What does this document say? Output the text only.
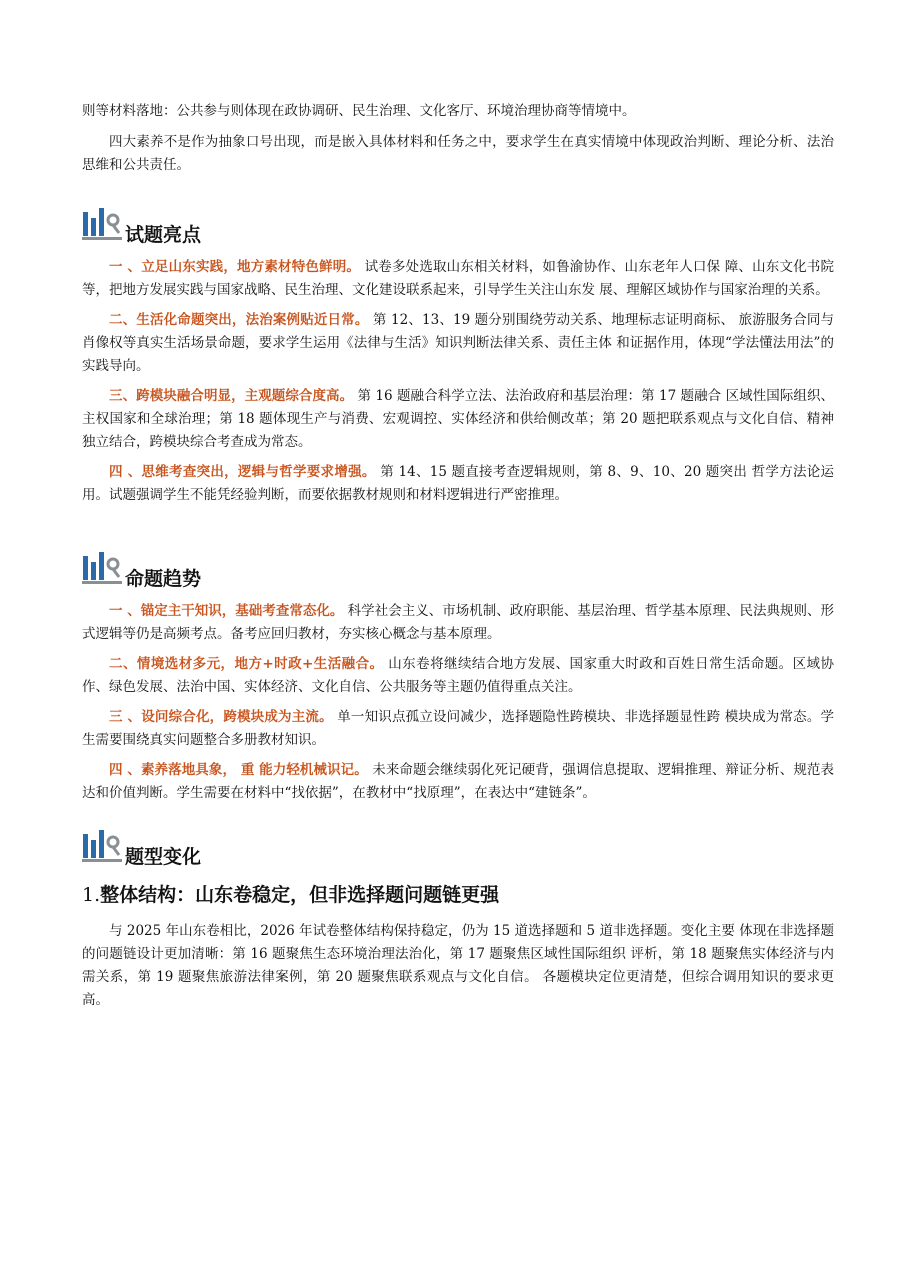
则等材料落地：公共参与则体现在政协调研、民生治理、文化客厅、环境治理协商等情境中。

四大素养不是作为抽象口号出现，而是嵌入具体材料和任务之中，要求学生在真实情境中体现政治判断、理论分析、法治思维和公共责任。

试题亮点

一 、立足山东实践，地方素材特色鲜明。 试卷多处选取山东相关材料，如鲁渝协作、山东老年人口保 障、山东文化书院等，把地方发展实践与国家战略、民生治理、文化建设联系起来，引导学生关注山东发 展、理解区域协作与国家治理的关系。

二、生活化命题突出，法治案例贴近日常。 第 12、13、19 题分别围绕劳动关系、地理标志证明商标、 旅游服务合同与肖像权等真实生活场景命题，要求学生运用《法律与生活》知识判断法律关系、责任主体 和证据作用，体现“学法懂法用法”的实践导向。

三、跨模块融合明显，主观题综合度高。 第 16 题融合科学立法、法治政府和基层治理：第 17 题融合 区域性国际组织、主权国家和全球治理；第 18 题体现生产与消费、宏观调控、实体经济和供给侧改革；第 20 题把联系观点与文化自信、精神独立结合，跨模块综合考查成为常态。

四 、思维考查突出，逻辑与哲学要求增强。 第 14、15 题直接考查逻辑规则，第 8、9、10、20 题突出 哲学方法论运用。试题强调学生不能凭经验判断，而要依据教材规则和材料逻辑进行严密推理。

命题趋势

一 、锚定主干知识，基础考查常态化。 科学社会主义、市场机制、政府职能、基层治理、哲学基本原理、民法典规则、形式逻辑等仍是高频考点。备考应回归教材，夯实核心概念与基本原理。

二、情境选材多元，地方+时政+生活融合。 山东卷将继续结合地方发展、国家重大时政和百姓日常生活命题。区域协作、绿色发展、法治中国、实体经济、文化自信、公共服务等主题仍值得重点关注。

三 、设问综合化，跨模块成为主流。 单一知识点孤立设问减少，选择题隐性跨模块、非选择题显性跨 模块成为常态。学生需要围绕真实问题整合多册教材知识。

四 、素养落地具象， 重 能力轻机械识记。 未来命题会继续弱化死记硬背，强调信息提取、逻辑推理、辩证分析、规范表达和价值判断。学生需要在材料中“找依据”，在教材中“找原理”，在表达中“建链条”。

题型变化
1.整体结构：山东卷稳定，但非选择题问题链更强

与 2025 年山东卷相比，2026 年试卷整体结构保持稳定，仍为 15 道选择题和 5 道非选择题。变化主要 体现在非选择题的问题链设计更加清晰：第 16 题聚焦生态环境治理法治化，第 17 题聚焦区域性国际组织 评析，第 18 题聚焦实体经济与内需关系，第 19 题聚焦旅游法律案例，第 20 题聚焦联系观点与文化自信。 各题模块定位更清楚，但综合调用知识的要求更高。
